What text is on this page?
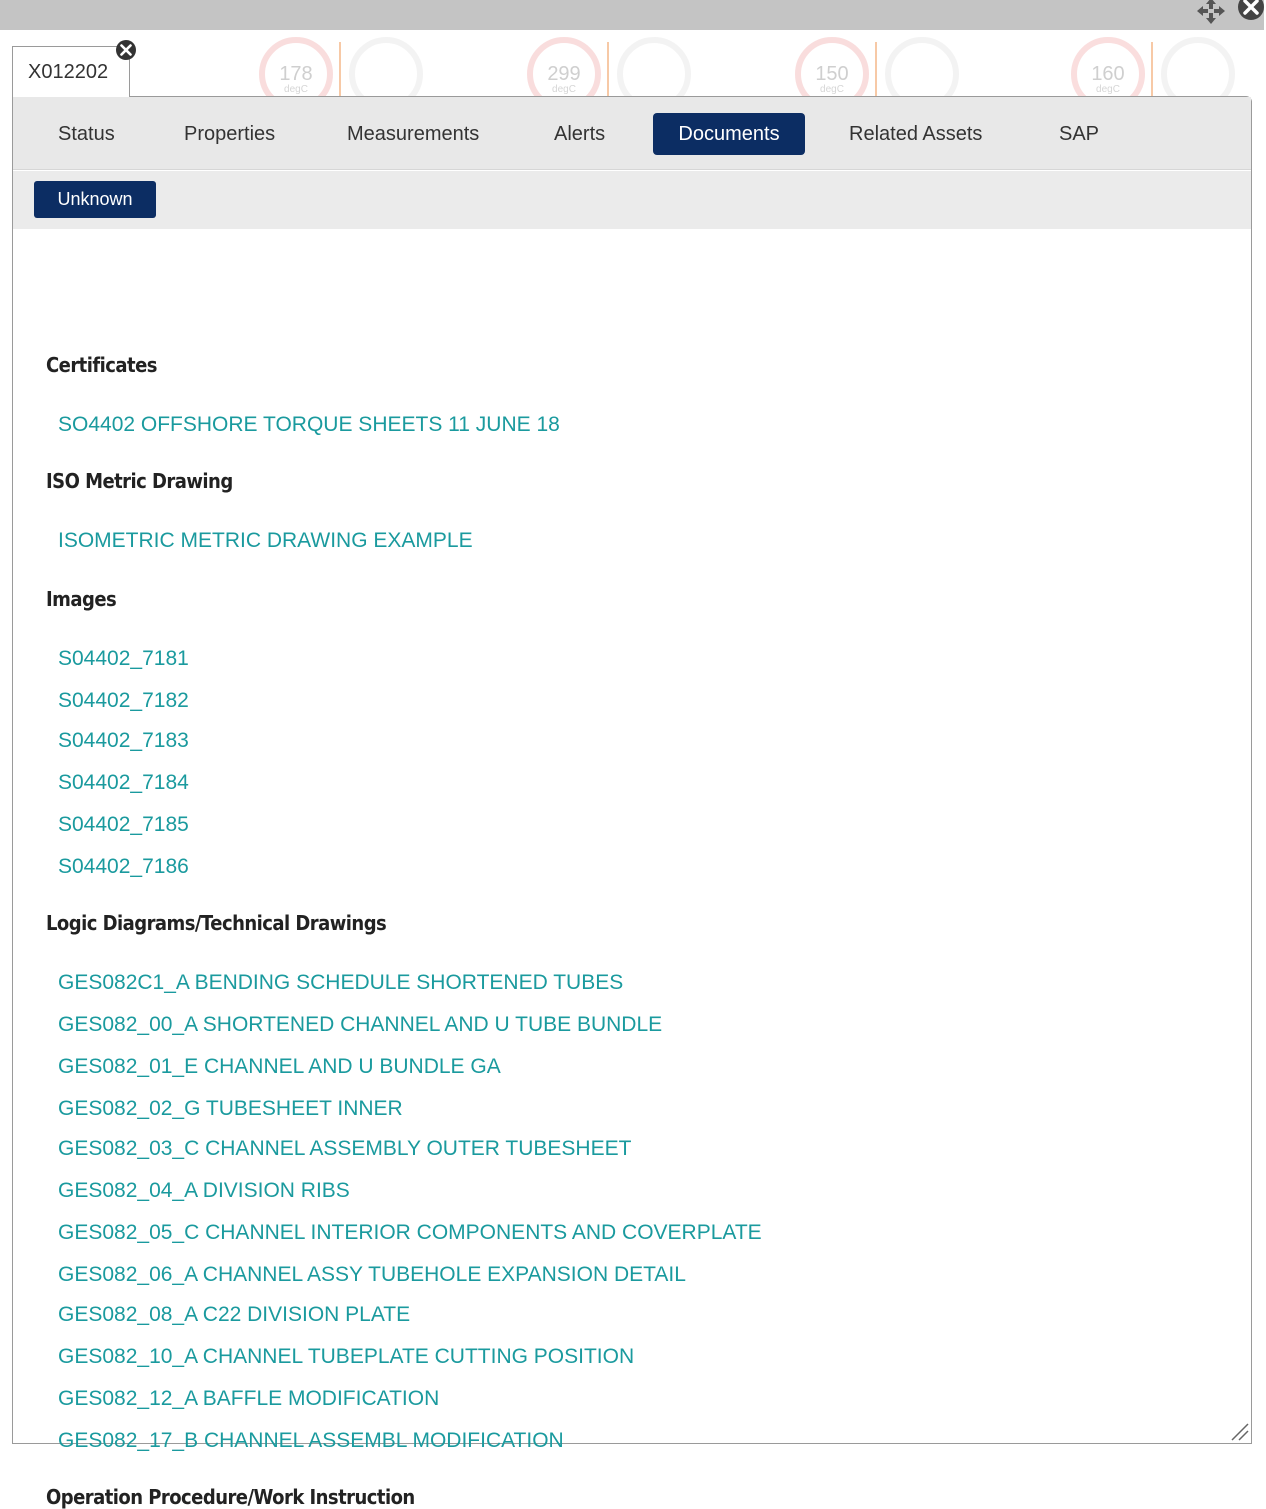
178
degC
299
degC
150
degC
160
degC
X012202
Status	Properties	Measurements	Alerts	Documents	Related Assets	SAP
Unknown
Certificates
SO4402 OFFSHORE TORQUE SHEETS 11 JUNE 18
ISO Metric Drawing
ISOMETRIC METRIC DRAWING EXAMPLE
Images
S04402_7181
S04402_7182
S04402_7183
S04402_7184
S04402_7185
S04402_7186
Logic Diagrams/Technical Drawings
GES082C1_A BENDING SCHEDULE SHORTENED TUBES
GES082_00_A SHORTENED CHANNEL AND U TUBE BUNDLE
GES082_01_E CHANNEL AND U BUNDLE GA
GES082_02_G TUBESHEET INNER
GES082_03_C CHANNEL ASSEMBLY OUTER TUBESHEET
GES082_04_A DIVISION RIBS
GES082_05_C CHANNEL INTERIOR COMPONENTS AND COVERPLATE
GES082_06_A CHANNEL ASSY TUBEHOLE EXPANSION DETAIL
GES082_08_A C22 DIVISION PLATE
GES082_10_A CHANNEL TUBEPLATE CUTTING POSITION
GES082_12_A BAFFLE MODIFICATION
GES082_17_B CHANNEL ASSEMBL MODIFICATION
Operation Procedure/Work Instruction
